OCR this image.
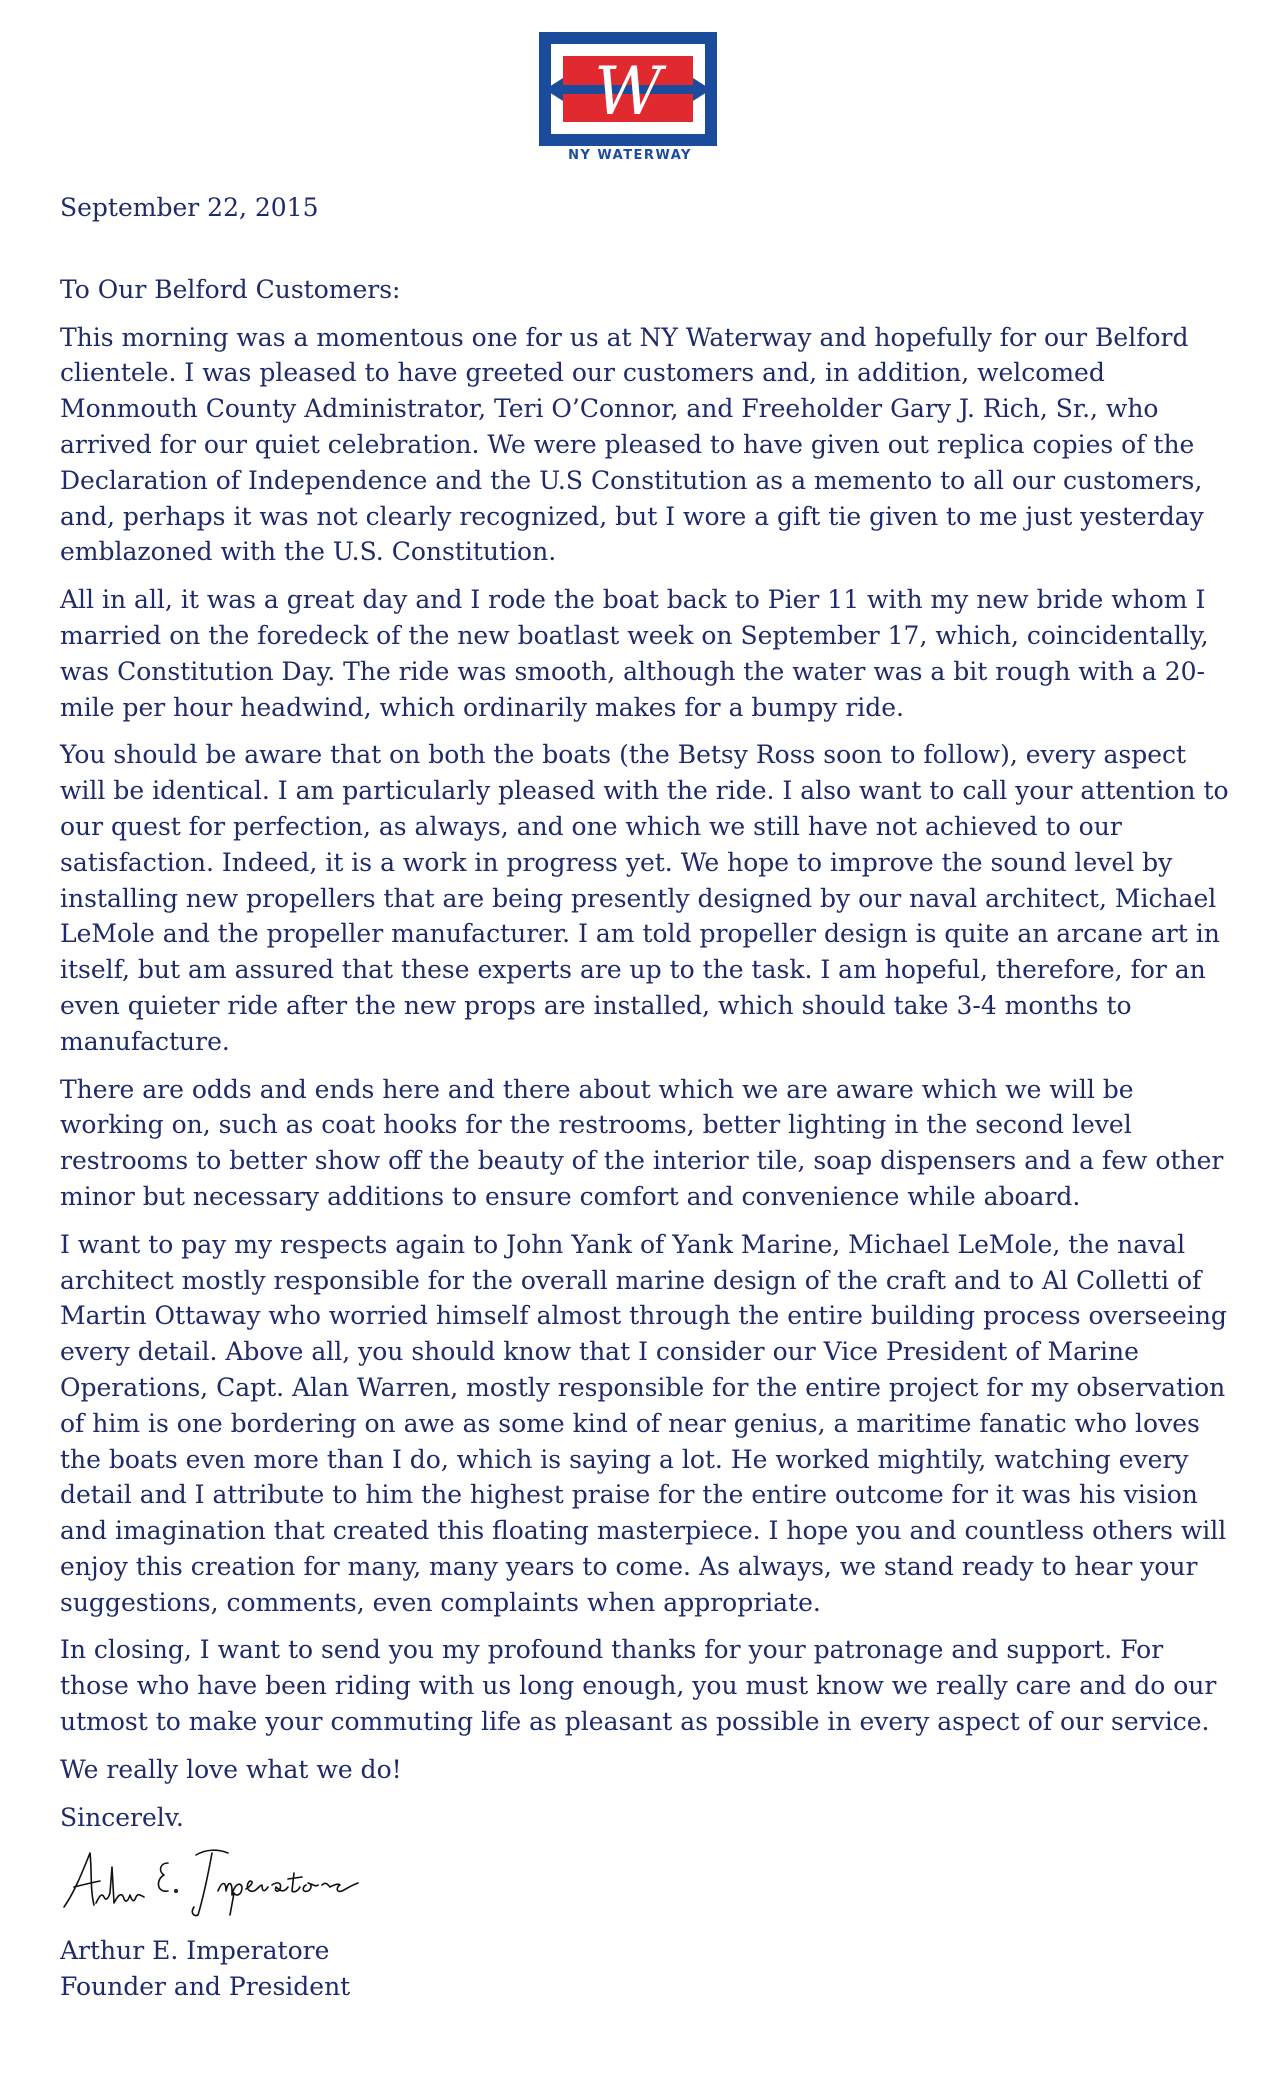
W
NY WATERWAY

September 22, 2015

To Our Belford Customers:

This morning was a momentous one for us at NY Waterway and hopefully for our Belford clientele. I was pleased to have greeted our customers and, in addition, welcomed Monmouth County Administrator, Teri O’Connor, and Freeholder Gary J. Rich, Sr., who arrived for our quiet celebration. We were pleased to have given out replica copies of the Declaration of Independence and the U.S Constitution as a memento to all our customers, and, perhaps it was not clearly recognized, but I wore a gift tie given to me just yesterday emblazoned with the U.S. Constitution.

All in all, it was a great day and I rode the boat back to Pier 11 with my new bride whom I married on the foredeck of the new boatlast week on September 17, which, coincidentally, was Constitution Day. The ride was smooth, although the water was a bit rough with a 20-mile per hour headwind, which ordinarily makes for a bumpy ride.

You should be aware that on both the boats (the Betsy Ross soon to follow), every aspect will be identical. I am particularly pleased with the ride. I also want to call your attention to our quest for perfection, as always, and one which we still have not achieved to our satisfaction. Indeed, it is a work in progress yet. We hope to improve the sound level by installing new propellers that are being presently designed by our naval architect, Michael LeMole and the propeller manufacturer. I am told propeller design is quite an arcane art in itself, but am assured that these experts are up to the task. I am hopeful, therefore, for an even quieter ride after the new props are installed, which should take 3-4 months to manufacture.

There are odds and ends here and there about which we are aware which we will be working on, such as coat hooks for the restrooms, better lighting in the second level restrooms to better show off the beauty of the interior tile, soap dispensers and a few other minor but necessary additions to ensure comfort and convenience while aboard.

I want to pay my respects again to John Yank of Yank Marine, Michael LeMole, the naval architect mostly responsible for the overall marine design of the craft and to Al Colletti of Martin Ottaway who worried himself almost through the entire building process overseeing every detail. Above all, you should know that I consider our Vice President of Marine Operations, Capt. Alan Warren, mostly responsible for the entire project for my observation of him is one bordering on awe as some kind of near genius, a maritime fanatic who loves the boats even more than I do, which is saying a lot. He worked mightily, watching every detail and I attribute to him the highest praise for the entire outcome for it was his vision and imagination that created this floating masterpiece. I hope you and countless others will enjoy this creation for many, many years to come. As always, we stand ready to hear your suggestions, comments, even complaints when appropriate.

In closing, I want to send you my profound thanks for your patronage and support. For those who have been riding with us long enough, you must know we really care and do our utmost to make your commuting life as pleasant as possible in every aspect of our service.

We really love what we do!

Sincerelv.

Arthur E. Imperatore

Founder and President
